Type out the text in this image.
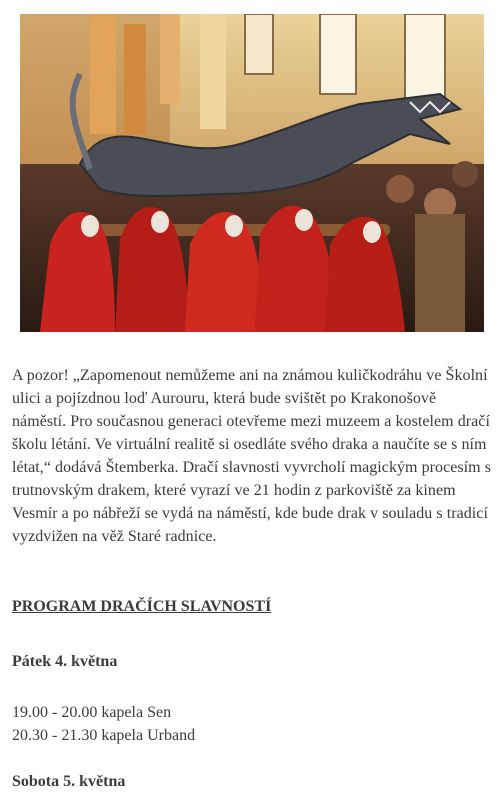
A pozor! „Zapomenout nemůžeme ani na známou kuličkodráhu ve Školní ulici a pojízdnou loď Aurouru, která bude svištět po Krakonošově náměstí. Pro současnou generaci otevřeme mezi muzeem a kostelem dračí školu létání. Ve virtuální realitě si osedláte svého draka a naučíte se s ním létat,“ dodává Štemberka. Dračí slavnosti vyvrcholí magickým procesím s trutnovským drakem, které vyrazí ve 21 hodin z parkoviště za kinem Vesmír a po nábřeží se vydá na náměstí, kde bude drak v souladu s tradicí vyzdvižen na věž Staré radnice.

PROGRAM DRAČÍCH SLAVNOSTÍ
Pátek 4. května
19.00 - 20.00 kapela Sen
20.30 - 21.30 kapela Urband
Sobota 5. května
